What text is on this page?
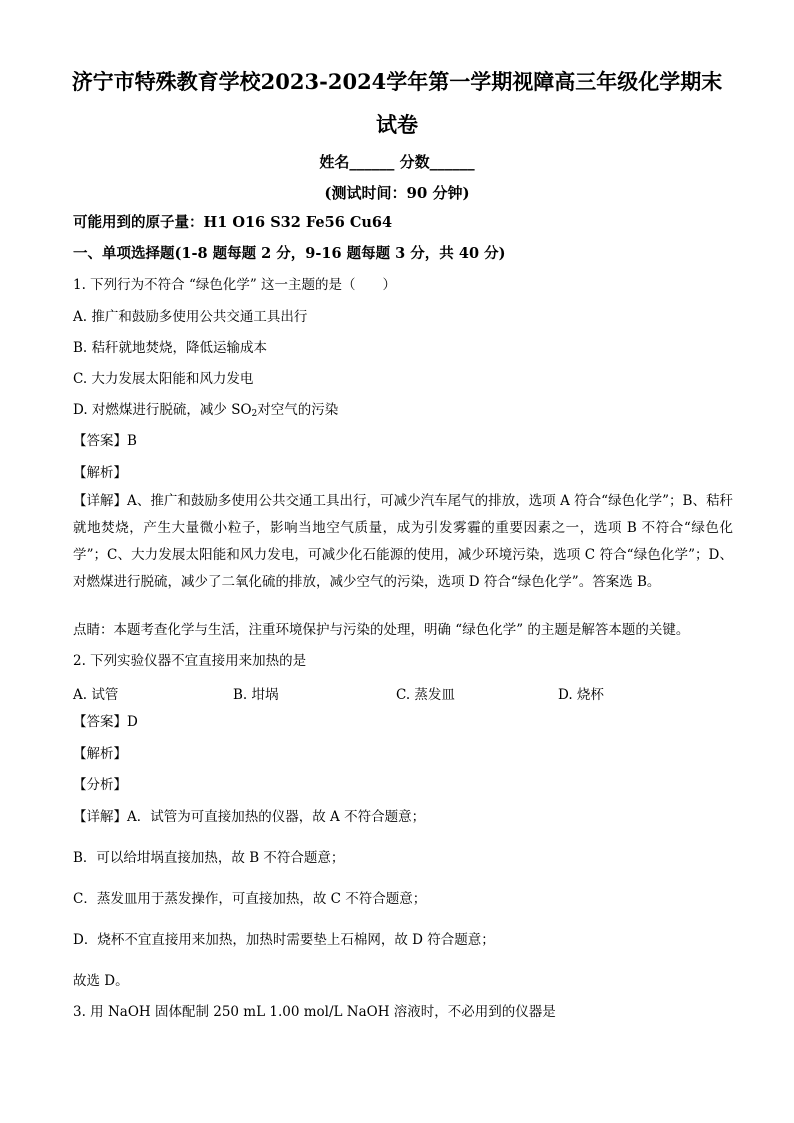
济宁市特殊教育学校2023-2024学年第一学期视障高三年级化学期末
试卷
姓名______ 分数______
(测试时间：90 分钟)
可能用到的原子量：H1 O16 S32 Fe56 Cu64
一、单项选择题(1-8 题每题 2 分，9-16 题每题 3 分，共 40 分)
1. 下列行为不符合 “绿色化学” 这一主题的是（　　）
A. 推广和鼓励多使用公共交通工具出行
B. 秸秆就地焚烧，降低运输成本
C. 大力发展太阳能和风力发电
D. 对燃煤进行脱硫，减少 $SO_2$对空气的污染
【答案】B
【解析】
【详解】A、推广和鼓励多使用公共交通工具出行，可减少汽车尾气的排放，选项 A 符合“绿色化学”；B、秸秆就地焚烧，产生大量微小粒子，影响当地空气质量，成为引发雾霾的重要因素之一，选项 B 不符合“绿色化学”；C、大力发展太阳能和风力发电，可减少化石能源的使用，减少环境污染，选项 C 符合“绿色化学”；D、对燃煤进行脱硫，减少了二氧化硫的排放，减少空气的污染，选项 D 符合“绿色化学”。答案选 B。
点睛：本题考查化学与生活，注重环境保护与污染的处理，明确 “绿色化学” 的主题是解答本题的关键。
2. 下列实验仪器不宜直接用来加热的是
A. 试管	B. 坩埚	C. 蒸发皿	D. 烧杯
【答案】D
【解析】
【分析】
【详解】A．试管为可直接加热的仪器，故 A 不符合题意；
B．可以给坩埚直接加热，故 B 不符合题意；
C．蒸发皿用于蒸发操作，可直接加热，故 C 不符合题意；
D．烧杯不宜直接用来加热，加热时需要垫上石棉网，故 D 符合题意；
故选 D。
3. 用 NaOH 固体配制 250 mL 1.00 mol/L NaOH 溶液时，不必用到的仪器是
